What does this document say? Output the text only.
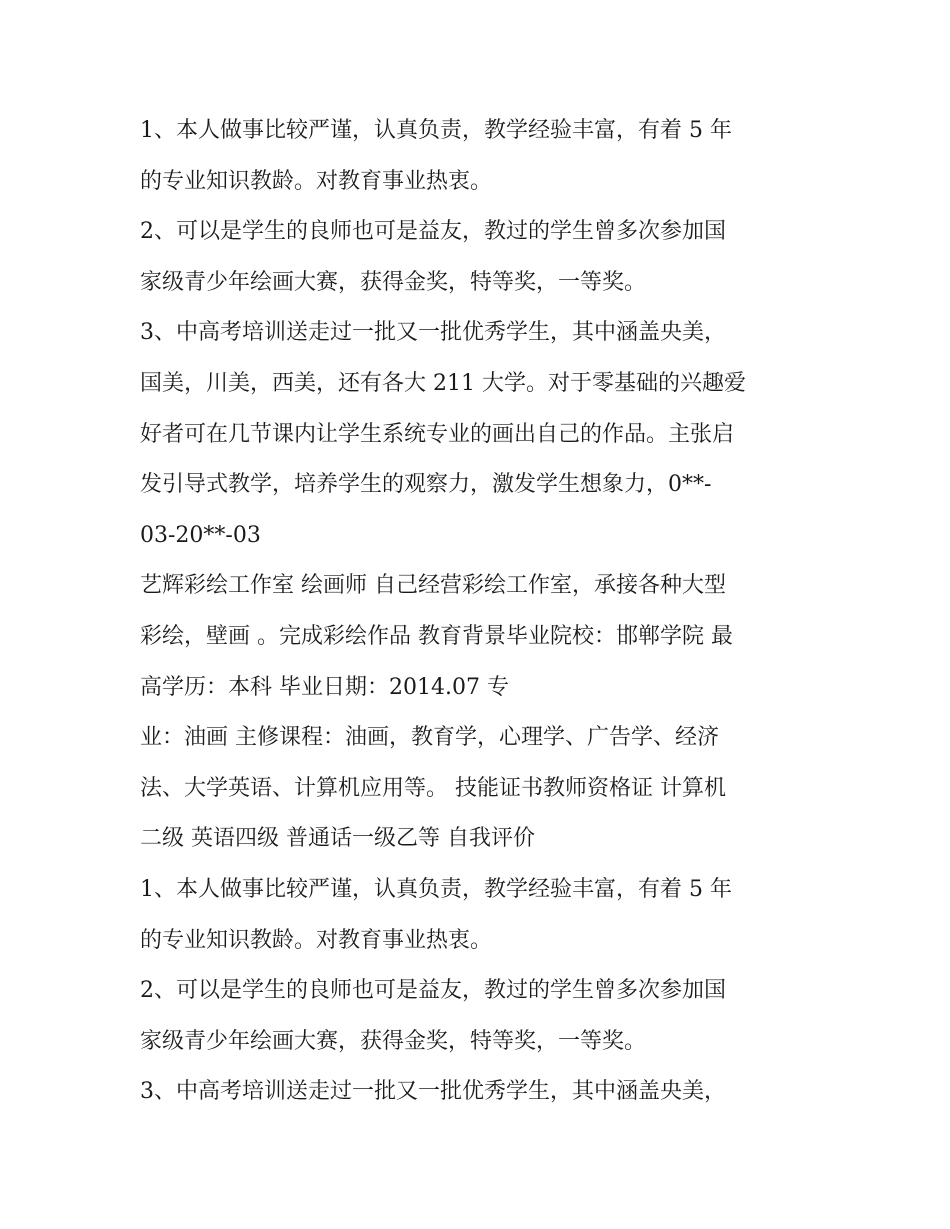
1、本人做事比较严谨，认真负责，教学经验丰富，有着 5 年
的专业知识教龄。对教育事业热衷。
2、可以是学生的良师也可是益友，教过的学生曾多次参加国
家级青少年绘画大赛，获得金奖，特等奖，一等奖。
3、中高考培训送走过一批又一批优秀学生，其中涵盖央美，
国美，川美，西美，还有各大 211 大学。对于零基础的兴趣爱
好者可在几节课内让学生系统专业的画出自己的作品。主张启
发引导式教学，培养学生的观察力，激发学生想象力，0**-
03-20**-03
艺辉彩绘工作室 绘画师 自己经营彩绘工作室，承接各种大型
彩绘，壁画 。完成彩绘作品 教育背景毕业院校：邯郸学院 最
高学历：本科 毕业日期：2014.07 专
业：油画 主修课程：油画，教育学，心理学、广告学、经济
法、大学英语、计算机应用等。 技能证书教师资格证 计算机
二级 英语四级 普通话一级乙等 自我评价
1、本人做事比较严谨，认真负责，教学经验丰富，有着 5 年
的专业知识教龄。对教育事业热衷。
2、可以是学生的良师也可是益友，教过的学生曾多次参加国
家级青少年绘画大赛，获得金奖，特等奖，一等奖。
3、中高考培训送走过一批又一批优秀学生，其中涵盖央美，
